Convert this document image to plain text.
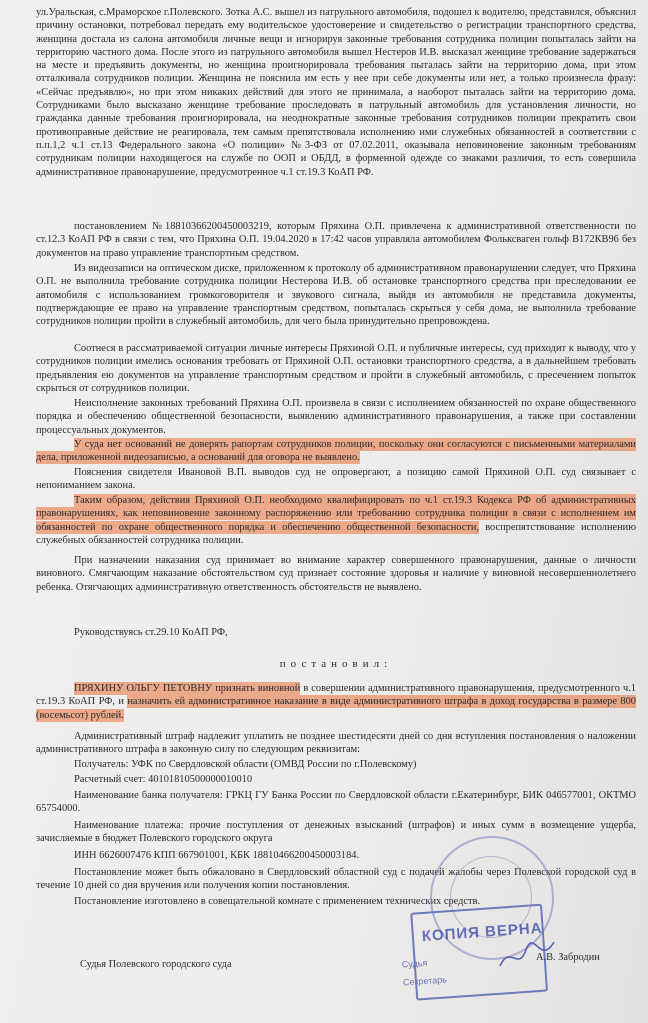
ул.Уральская, с.Мраморское г.Полевского. Зотка А.С. вышел из патрульного автомобиля, подошел к водителю, представился, объяснил причину остановки, потребовал передать ему водительское удостоверение и свидетельство о регистрации транспортного средства, женщина достала из салона автомобиля личные вещи и игнорируя законные требования сотрудника полиции попыталась зайти на территорию частного дома. После этого из патрульного автомобиля вышел Нестеров И.В. высказал женщине требование задержаться на месте и предъявить документы, но женщина проигнорировала требования пыталась зайти на территорию дома, при этом отталкивала сотрудников полиции. Женщина не пояснила им есть у нее при себе документы или нет, а только произнесла фразу: «Сейчас предъявлю», но при этом никаких действий для этого не принимала, а наоборот пыталась зайти на территорию дома. Сотрудниками было высказано женщине требование проследовать в патрульный автомобиль для установления личности, но гражданка данные требования проигнорировала, на неоднократные законные требования сотрудников полиции прекратить свои противоправные действие не реагировала, тем самым препятствовала исполнению ими служебных обязанностей в соответствии с п.п.1,2 ч.1 ст.13 Федерального закона «О полиции» №3-ФЗ от 07.02.2011, оказывала неповиновение законным требованиям сотрудникам полиции находящегося на службе по ООП и ОБДД, в форменной одежде со знаками различия, то есть совершила административное правонарушение, предусмотренное ч.1 ст.19.3 КоАП РФ.
постановлением №18810366200450003219, которым Пряхина О.П. привлечена к административной ответственности по ст.12.3 КоАП РФ в связи с тем, что Пряхина О.П. 19.04.2020 в 17:42 часов управляла автомобилем Фольксваген гольф В172КВ96 без документов на право управление транспортным средством.
Из видеозаписи на оптическом диске, приложенном к протоколу об административном правонарушении следует, что Пряхина О.П. не выполнила требование сотрудника полиции Нестерова И.В. об остановке транспортного средства при преследовании ее автомобиля с использованием громкоговорителя и звукового сигнала, выйдя из автомобиля не представила документы, подтверждающие ее право на управление транспортным средством, попыталась скрыться у себя дома, не выполнила требование сотрудников полиции пройти в служебный автомобиль, для чего была принудительно препровождена.
Соотнеся в рассматриваемой ситуации личные интересы Пряхиной О.П. и публичные интересы, суд приходит к выводу, что у сотрудников полиции имелись основания требовать от Пряхиной О.П. остановки транспортного средства, а в дальнейшем требовать предъявления ею документов на управление транспортным средством и пройти в служебный автомобиль, с пресечением попыток скрыться от сотрудников полиции.
Неисполнение законных требований Пряхина О.П. произвела в связи с исполнением обязанностей по охране общественного порядка и обеспечению общественной безопасности, выявлению административного правонарушения, а также при составлении процессуальных документов.
У суда нет оснований не доверять рапортам сотрудников полиции, поскольку они согласуются с письменными материалами дела, приложенной видеозаписью, а оснований для оговора не выявлено.
Пояснения свидетеля Ивановой В.П. выводов суд не опровергают, а позицию самой Пряхиной О.П. суд связывает с непониманием закона.
Таким образом, действия Пряхиной О.П. необходимо квалифицировать по ч.1 ст.19.3 Кодекса РФ об административных правонарушениях, как неповиновение законному распоряжению или требованию сотрудника полиции в связи с исполнением им обязанностей по охране общественного порядка и обеспечению общественной безопасности, воспрепятствование исполнению служебных обязанностей сотрудника полиции.
При назначении наказания суд принимает во внимание характер совершенного правонарушения, данные о личности виновного. Смягчающим наказание обстоятельством суд признает состояние здоровья и наличие у виновной несовершеннолетнего ребенка. Отягчающих административную ответственность обстоятельств не выявлено.
Руководствуясь ст.29.10 КоАП РФ,
постановил:
ПРЯХИНУ ОЛЬГУ ПЕТОВНУ признать виновной в совершении административного правонарушения, предусмотренного ч.1 ст.19.3 КоАП РФ, и назначить ей административное наказание в виде административного штрафа в доход государства в размере 800 (восемьсот) рублей.
Административный штраф надлежит уплатить не позднее шестидесяти дней со дня вступления постановления о наложении административного штрафа в законную силу по следующим реквизитам:
Получатель: УФК по Свердловской области (ОМВД России по г.Полевскому)
Расчетный счет: 40101810500000010010
Наименование банка получателя: ГРКЦ ГУ Банка России по Свердловской области г.Екатеринбург, БИК 046577001, ОКТМО 65754000.
Наименование платежа: прочие поступления от денежных взысканий (штрафов) и иных сумм в возмещение ущерба, зачисляемые в бюджет Полевского городского округа
ИНН 6626007476 КПП 667901001, КБК 18810466200450003184.
Постановление может быть обжаловано в Свердловский областной суд с подачей жалобы через Полевской городской суд в течение 10 дней со дня вручения или получения копии постановления.
Постановление изготовлено в совещательной комнате с применением технических средств.
КОПИЯ ВЕРНА
Судья
Секретарь
Судья Полевского городского суда
А.В. Забродин
